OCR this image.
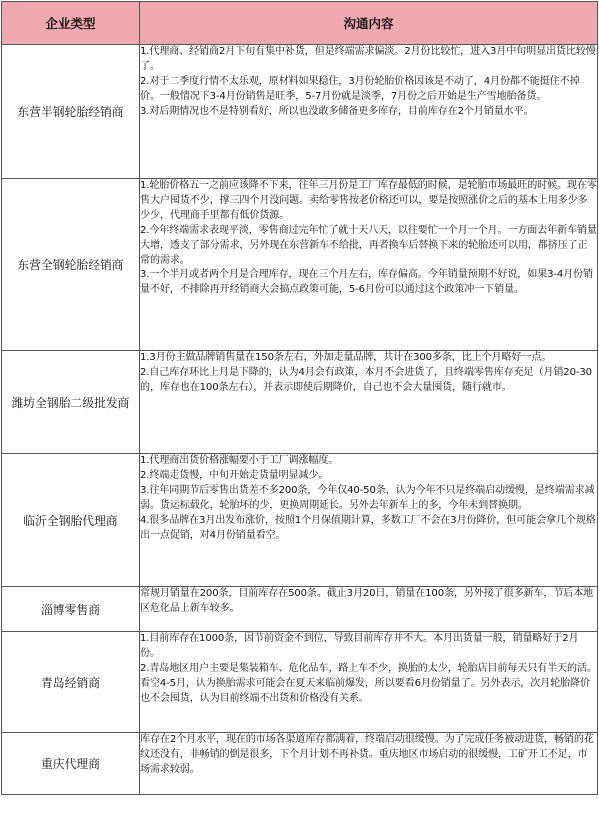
企业类型	沟通内容
东营半钢轮胎经销商	1.代理商、经销商2月下旬有集中补货，但是终端需求偏淡。2月份比较忙，进入3月中旬明显出货比较慢了。

2.对于二季度行情不太乐观，原材料如果稳住，3月份轮胎价格因该是不动了，4月份都不能挺住不掉价。一般情况下3-4月份销售是旺季，5-7月份就是淡季，7月份之后开始是生产雪地胎备货。

3.对后期情况也不是特别看好，所以也没敢多储备更多库存，目前库存在2个月销量水平。

东营全钢轮胎经销商	1.轮胎价格五一之前应该降不下来，往年三月份是工厂库存最低的时候，是轮胎市场最旺的时候。现在零售大户囤货不少，撑三四个月没问题。卖给零售按老价格还可以，要是按照涨价之后的基本上用多少多少少，代理商手里都有低价货源。

2.今年终端需求表现平淡，零售商过完年忙了就十天八天，以往要忙一个月一个月。一方面去年新车销量大增，透支了部分需求，另外现在东营新车不给批，再者换车后替换下来的轮胎还可以用，都挤压了正常的需求。

3.一个半月或者两个月是合理库存，现在三个月左右，库存偏高。今年销量预期不好说，如果3-4月份销量不好，不排除再开经销商大会搞点政策可能，5-6月份可以通过这个政策冲一下销量。

潍坊全钢胎二级批发商	1.3月份主做品牌销售量在150条左右，外加走量品牌，共计在300多条，比上个月略好一点。

2.自己库存环比上月是下降的，认为4月会有政策，本月不会进货了，且终端零售库存充足（月销20-30的，库存也在100条左右），并表示即使后期降价，自己也不会大量囤货，随行就市。

临沂全钢胎代理商	1.代理商出货价格涨幅要小于工厂调涨幅度。

2.终端走货慢，中旬开始走货量明显减少。

3.往年同期节后零售出货差不多200条，今年仅40-50条，认为今年不只是终端启动缓慢，是终端需求减弱。货运标载化，轮胎坏的少，更换周期延长。另外去年新车上的多，今年未到替换期。

4.很多品牌在3月出发布涨价，按照1个月保值期计算，多数工厂不会在3月份降价，但可能会拿几个规格出一点促销，对4月份销量看空。

淄博零售商	常规月销量在200条，目前库存在500条。截止3月20日，销量在100条，另外接了很多新车，节后本地区危化品上新车较多。

青岛经销商	1.目前库存在1000条，因节前资金不到位，导致目前库存并不大。本月出货量一般，销量略好于2月份。

2.青岛地区用户主要是集装箱车、危化品车，路上车不少，换胎的太少，轮胎店目前每天只有半天的活。看空4-5月，认为换胎需求可能会在夏天来临前爆发，所以要看6月份销量了。另外表示，次月轮胎降价也不会囤货，认为目前终端不出货和价格没有关系。

重庆代理商	库存在2个月水平，现在的市场各渠道库存都满着，终端启动很缓慢。为了完成任务被动进货，畅销的花纹还没有，非畅销的倒是很多，下个月计划不再补货。重庆地区市场启动的很缓慢，工矿开工不足，市场需求较弱。
